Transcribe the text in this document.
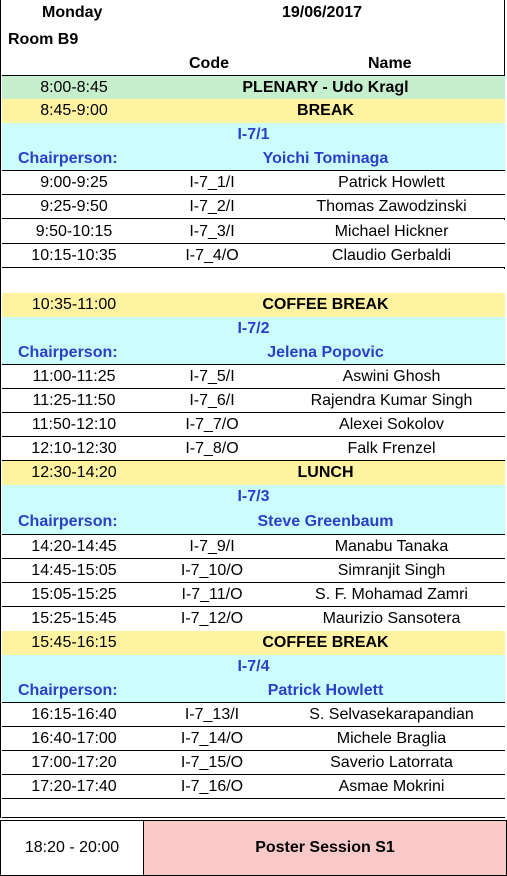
Monday	19/06/2017
Room B9
Code	Name
8:00-8:45	PLENARY - Udo Kragl
8:45-9:00	BREAK
I-7/1
Chairperson:	Yoichi Tominaga
9:00-9:25	I-7_1/I	Patrick Howlett
9:25-9:50	I-7_2/I	Thomas Zawodzinski
9:50-10:15	I-7_3/I	Michael Hickner
10:15-10:35	I-7_4/O	Claudio Gerbaldi
10:35-11:00	COFFEE BREAK
I-7/2
Chairperson:	Jelena Popovic
11:00-11:25	I-7_5/I	Aswini Ghosh
11:25-11:50	I-7_6/I	Rajendra Kumar Singh
11:50-12:10	I-7_7/O	Alexei Sokolov
12:10-12:30	I-7_8/O	Falk Frenzel
12:30-14:20	LUNCH
I-7/3
Chairperson:	Steve Greenbaum
14:20-14:45	I-7_9/I	Manabu Tanaka
14:45-15:05	I-7_10/O	Simranjit Singh
15:05-15:25	I-7_11/O	S. F. Mohamad Zamri
15:25-15:45	I-7_12/O	Maurizio Sansotera
15:45-16:15	COFFEE BREAK
I-7/4
Chairperson:	Patrick Howlett
16:15-16:40	I-7_13/I	S. Selvasekarapandian
16:40-17:00	I-7_14/O	Michele Braglia
17:00-17:20	I-7_15/O	Saverio Latorrata
17:20-17:40	I-7_16/O	Asmae Mokrini
18:20 - 20:00	Poster Session S1
